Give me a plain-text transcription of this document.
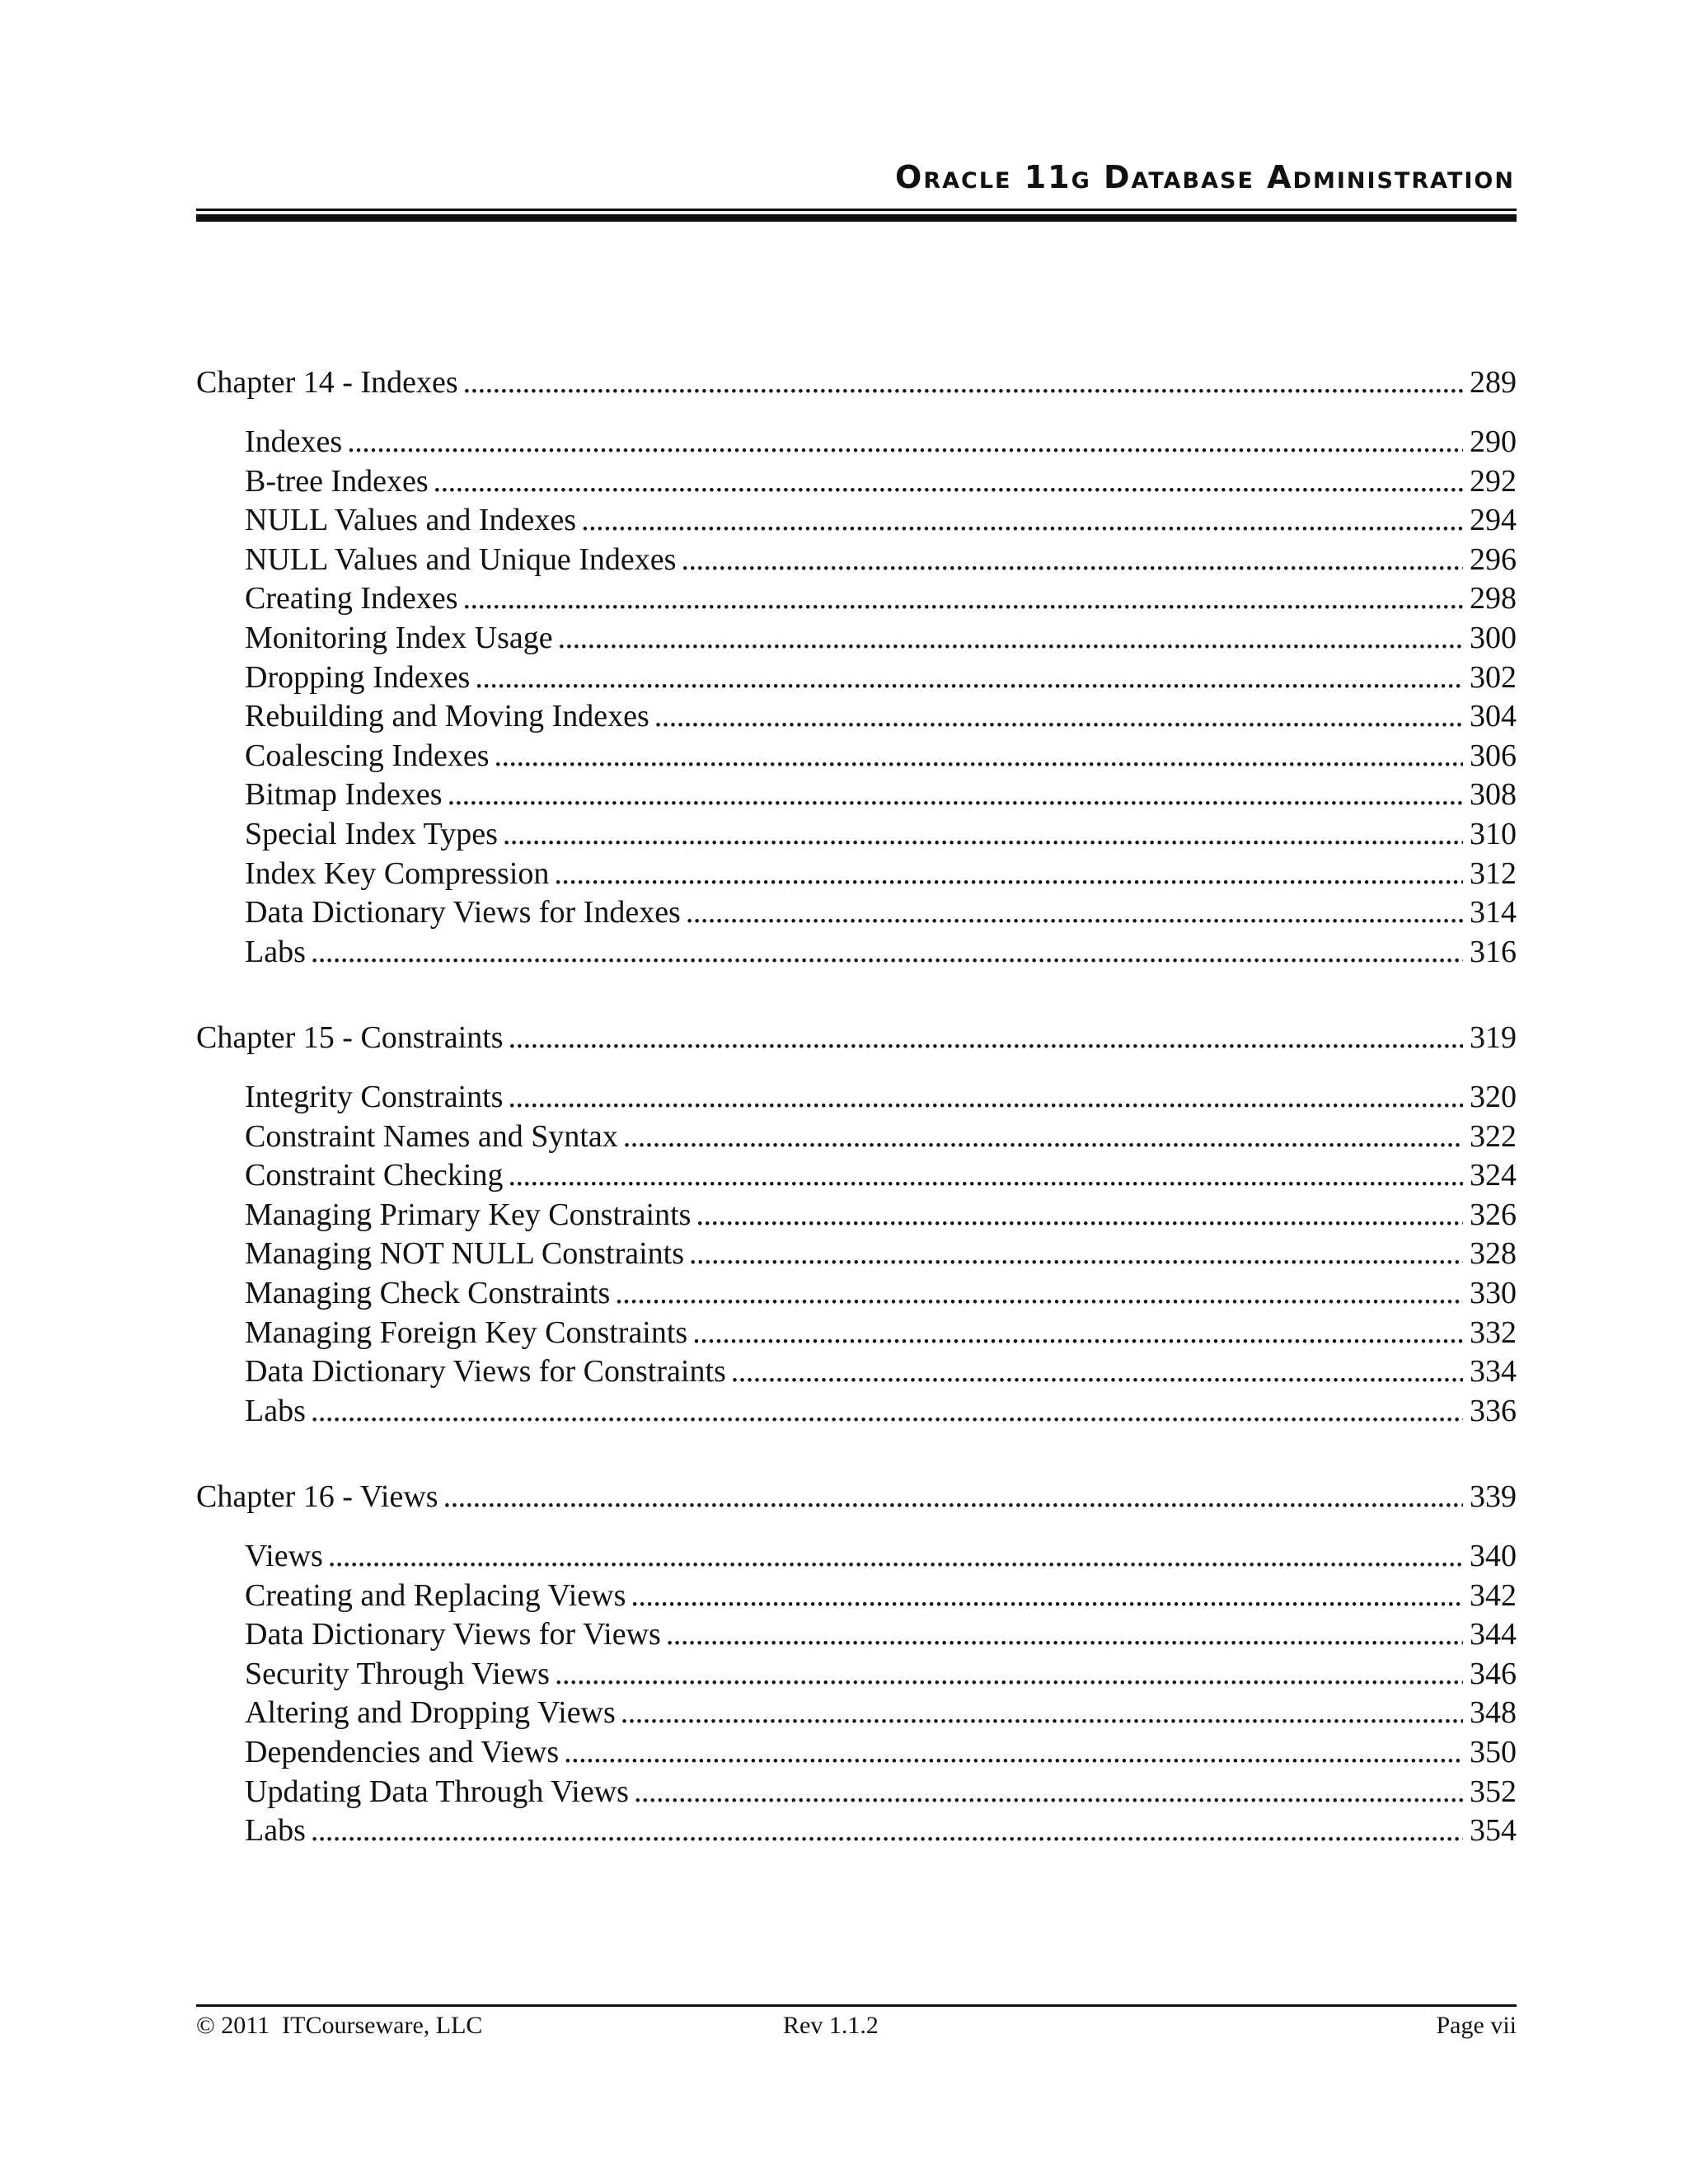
Oracle 11g Database Administration
Chapter 14 - Indexes . . .	289
Indexes . . .	290
B-tree Indexes . . .	292
NULL Values and Indexes . . .	294
NULL Values and Unique Indexes . . .	296
Creating Indexes . . .	298
Monitoring Index Usage . . .	300
Dropping Indexes . . .	302
Rebuilding and Moving Indexes . . .	304
Coalescing Indexes . . .	306
Bitmap Indexes . . .	308
Special Index Types . . .	310
Index Key Compression . . .	312
Data Dictionary Views for Indexes . . .	314
Labs . . .	316
Chapter 15 - Constraints . . .	319
Integrity Constraints . . .	320
Constraint Names and Syntax . . .	322
Constraint Checking . . .	324
Managing Primary Key Constraints . . .	326
Managing NOT NULL Constraints . . .	328
Managing Check Constraints . . .	330
Managing Foreign Key Constraints . . .	332
Data Dictionary Views for Constraints . . .	334
Labs . . .	336
Chapter 16 - Views . . .	339
Views . . .	340
Creating and Replacing Views . . .	342
Data Dictionary Views for Views . . .	344
Security Through Views . . .	346
Altering and Dropping Views . . .	348
Dependencies and Views . . .	350
Updating Data Through Views . . .	352
Labs . . .	354
© 2011  ITCourseware, LLC	Rev 1.1.2	Page vii
